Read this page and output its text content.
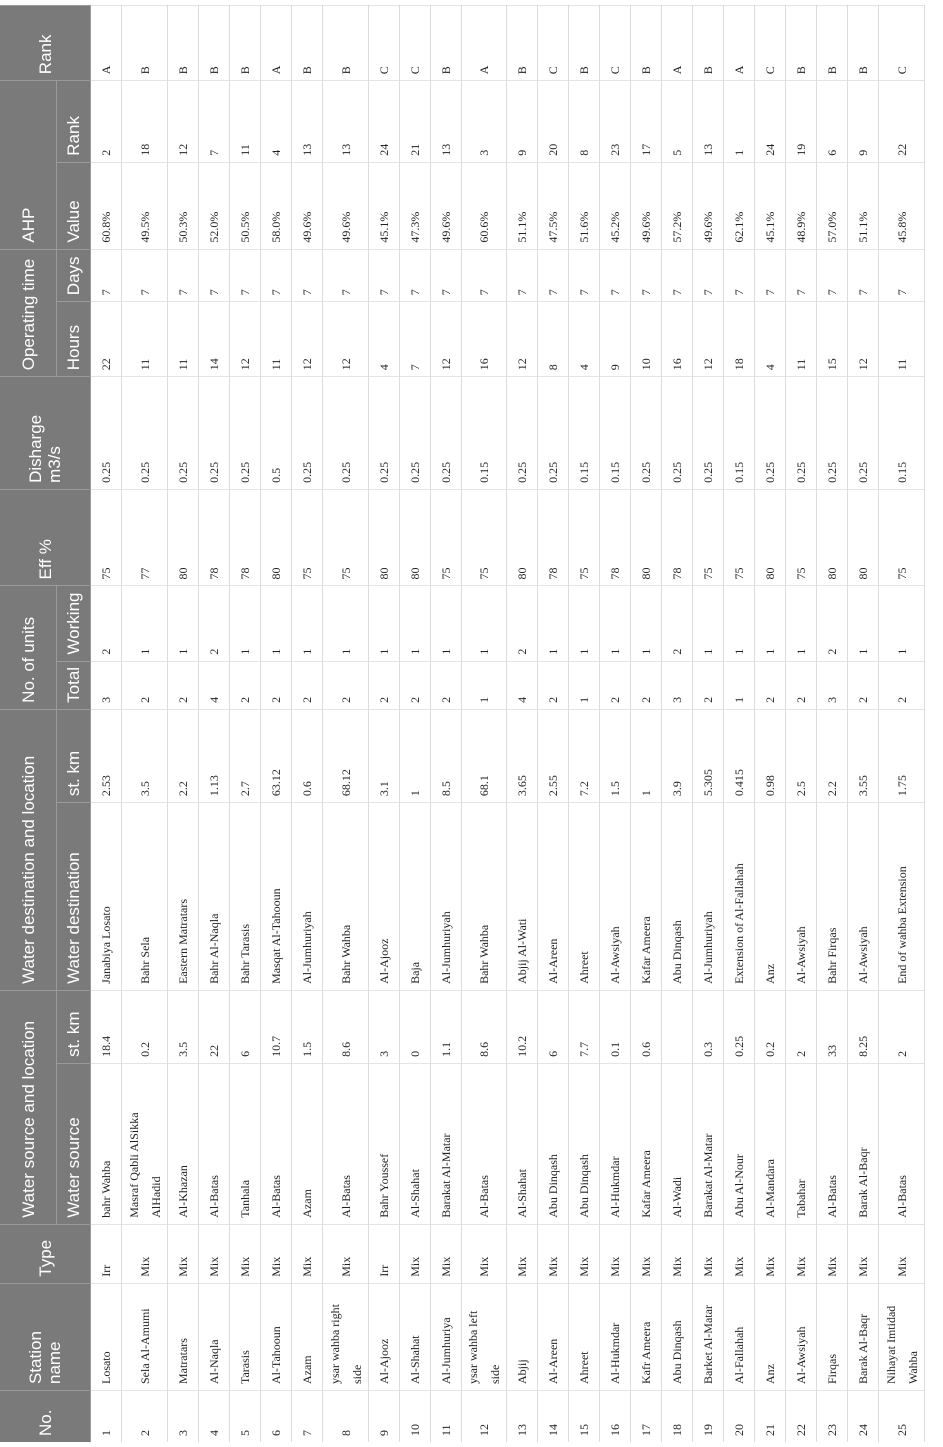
No.	Station name	Type	Water source and location		Water destination and location		No. of units		Eff %	Disharge m3/s	Operating time		AHP		Rank
			Water source	st. km	Water destination	st. km	Total	Working			Hours	Days	Value	Rank	
1	Losato	Irr	bahr Wahba	18.4	Janabiya Losato	2.53	3	2	75	0.25	22	7	60.8%	2	A
2	Sela Al-Amumi	Mix	Masraf Qabli AlSikka AlHadid	0.2	Bahr Sela	3.5	2	1	77	0.25	11	7	49.5%	18	B
3	Matratars	Mix	Al-Khazan	3.5	Eastern Matratars	2.2	2	1	80	0.25	11	7	50.3%	12	B
4	Al-Naqla	Mix	Al-Batas	22	Bahr Al-Naqla	1.13	4	2	78	0.25	14	7	52.0%	7	B
5	Tarasis	Mix	Tanhala	6	Bahr Tarasis	2.7	2	1	78	0.25	12	7	50.5%	11	B
6	Al-Tahooun	Mix	Al-Batas	10.7	Masqat Al-Tahooun	63.12	2	1	80	0.5	11	7	58.0%	4	A
7	Azam	Mix	Azam	1.5	Al-Jumhuriyah	0.6	2	1	75	0.25	12	7	49.6%	13	B
8	ysar wahba right side	Mix	Al-Batas	8.6	Bahr Wahba	68.12	2	1	75	0.25	12	7	49.6%	13	B
9	Al-Ajooz	Irr	Bahr Youssef	3	Al-Ajooz	3.1	2	1	80	0.25	4	7	45.1%	24	C
10	Al-Shahat	Mix	Al-Shahat	0	Baja	1	2	1	80	0.25	7	7	47.3%	21	C
11	Al-Jumhuriya	Mix	Barakat Al-Matar	1.1	Al-Jumhuriyah	8.5	2	1	75	0.25	12	7	49.6%	13	B
12	ysar wahba left side	Mix	Al-Batas	8.6	Bahr Wahba	68.1	1	1	75	0.15	16	7	60.6%	3	A
13	Abjij	Mix	Al-Shahat	10.2	Abjij Al-Wati	3.65	4	2	80	0.25	12	7	51.1%	9	B
14	Al-Areen	Mix	Abu Dinqash	6	Al-Areen	2.55	2	1	78	0.25	8	7	47.5%	20	C
15	Ahreet	Mix	Abu Dinqash	7.7	Ahreet	7.2	1	1	75	0.15	4	7	51.6%	8	B
16	Al-Hukmdar	Mix	Al-Hukmdar	0.1	Al-Awsiyah	1.5	2	1	78	0.15	9	7	45.2%	23	C
17	Kafr Ameera	Mix	Kafar Ameera	0.6	Kafar Ameera	1	2	1	80	0.25	10	7	49.6%	17	B
18	Abu Dinqash	Mix	Al-Wadi		Abu Dinqash	3.9	3	2	78	0.25	16	7	57.2%	5	A
19	Barket Al-Matar	Mix	Barakat Al-Matar	0.3	Al-Jumhuriyah	5.305	2	1	75	0.25	12	7	49.6%	13	B
20	Al-Fallahah	Mix	Abu Al-Nour	0.25	Extension of Al-Fallahah	0.415	1	1	75	0.15	18	7	62.1%	1	A
21	Anz	Mix	Al-Mandara	0.2	Anz	0.98	2	1	80	0.25	4	7	45.1%	24	C
22	Al-Awsiyah	Mix	Tabahar	2	Al-Awsiyah	2.5	2	1	75	0.25	11	7	48.9%	19	B
23	Firqas	Mix	Al-Batas	33	Bahr Firqas	2.2	3	2	80	0.25	15	7	57.0%	6	B
24	Barak Al-Baqr	Mix	Barak Al-Baqr	8.25	Al-Awsiyah	3.55	2	1	80	0.25	12	7	51.1%	9	B
25	Nihayat Imtidad Wahba	Mix	Al-Batas	2	End of wahba Extension	1.75	2	1	75	0.15	11	7	45.8%	22	C
